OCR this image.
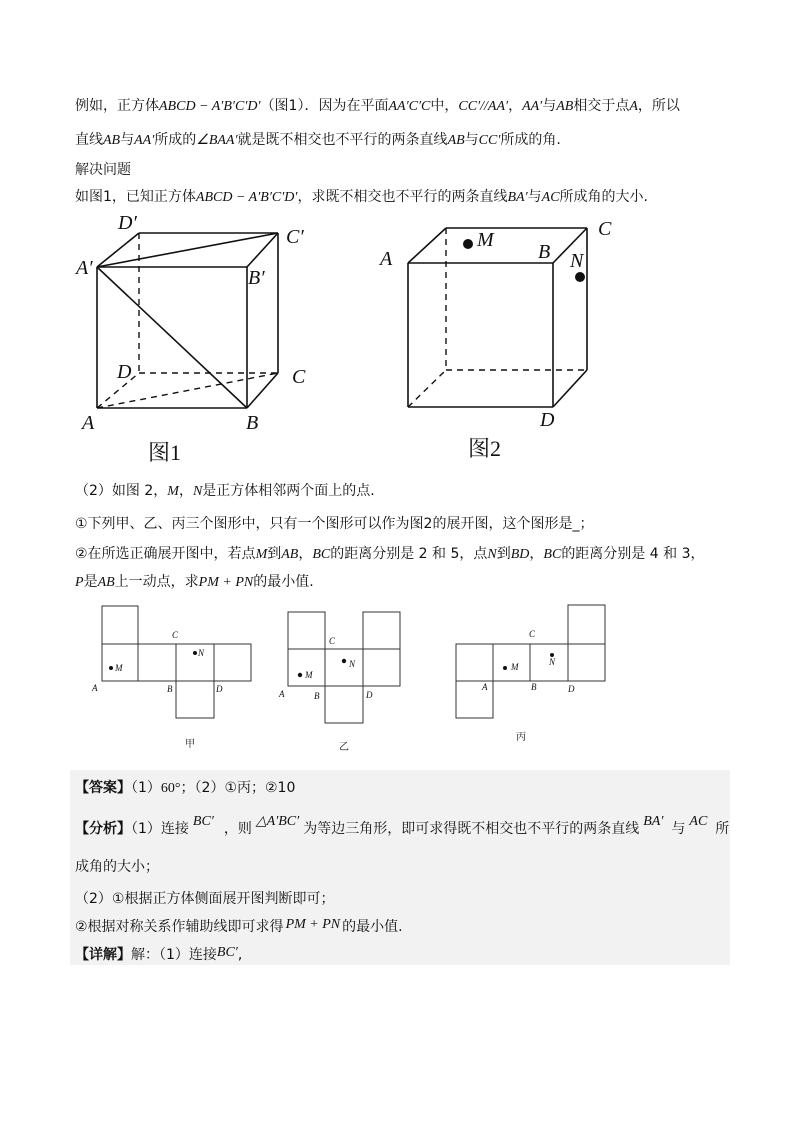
例如，正方体ABCD − A′B′C′D′（图1）．因为在平面AA′C′C中，CC′//AA′，AA′与AB相交于点A，所以
直线AB与AA′所成的∠BAA′就是既不相交也不平行的两条直线AB与CC′所成的角.
解决问题
如图1，已知正方体ABCD − A′B′C′D′，求既不相交也不平行的两条直线BA′与AC所成角的大小.
D′
C′
A′	B′
D	C
A	B
图1
A
M
B
C
N
D
图2
（2）如图 2，M，N是正方体相邻两个面上的点.
①下列甲、乙、丙三个图形中，只有一个图形可以作为图2的展开图，这个图形是_；
②在所选正确展开图中，若点M到AB，BC的距离分别是 2 和 5，点N到BD，BC的距离分别是 4 和 3，
P是AB上一动点，求PM + PN的最小值.
C
N
M
A	B	D
甲
C
N
M
A	B	D
乙
C
N
M
A	B	D
丙
【答案】（1）60°；（2）①丙；②10
【分析】（1）连接 BC′ ，则 △A′BC′ 为等边三角形，即可求得既不相交也不平行的两条直线 BA′ 与 AC 所
成角的大小；
（2）①根据正方体侧面展开图判断即可；
②根据对称关系作辅助线即可求得 PM + PN 的最小值.
【详解】解：（1）连接BC′,
